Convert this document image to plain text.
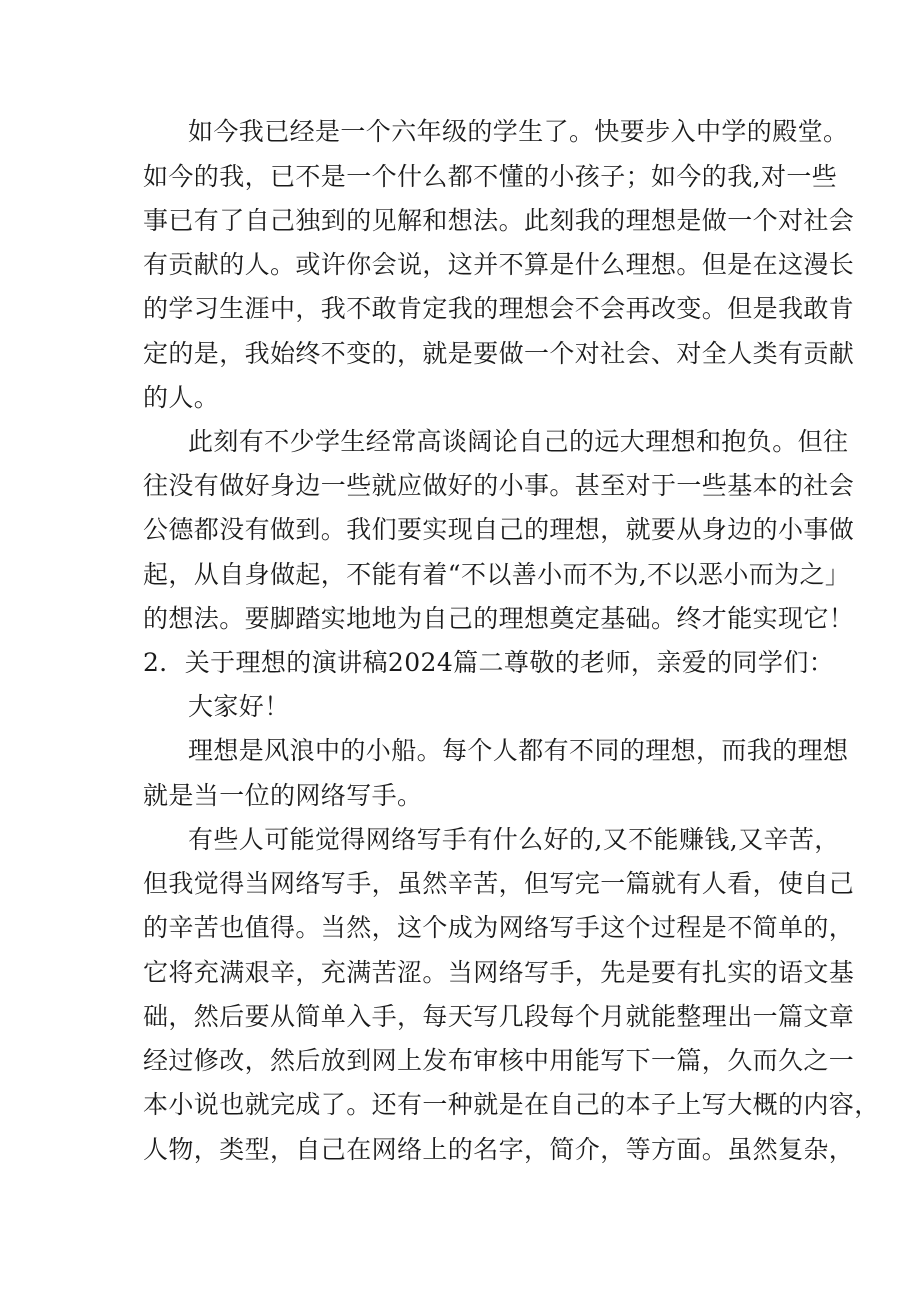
如今我已经是一个六年级的学生了。快要步入中学的殿堂。
如今的我，已不是一个什么都不懂的小孩子；如今的我,对一些
事已有了自己独到的见解和想法。此刻我的理想是做一个对社会
有贡献的人。或许你会说，这并不算是什么理想。但是在这漫长
的学习生涯中，我不敢肯定我的理想会不会再改变。但是我敢肯
定的是，我始终不变的，就是要做一个对社会、对全人类有贡献
的人。
此刻有不少学生经常高谈阔论自己的远大理想和抱负。但往
往没有做好身边一些就应做好的小事。甚至对于一些基本的社会
公德都没有做到。我们要实现自己的理想，就要从身边的小事做
起，从自身做起，不能有着“不以善小而不为,不以恶小而为之」
的想法。要脚踏实地地为自己的理想奠定基础。终才能实现它！
2．关于理想的演讲稿2024篇二尊敬的老师，亲爱的同学们：
大家好！
理想是风浪中的小船。每个人都有不同的理想，而我的理想
就是当一位的网络写手。
有些人可能觉得网络写手有什么好的,又不能赚钱,又辛苦，
但我觉得当网络写手，虽然辛苦，但写完一篇就有人看，使自己
的辛苦也值得。当然，这个成为网络写手这个过程是不简单的，
它将充满艰辛，充满苦涩。当网络写手，先是要有扎实的语文基
础，然后要从简单入手，每天写几段每个月就能整理出一篇文章
经过修改，然后放到网上发布审核中用能写下一篇，久而久之一
本小说也就完成了。还有一种就是在自己的本子上写大概的内容，
人物，类型，自己在网络上的名字，简介，等方面。虽然复杂，
